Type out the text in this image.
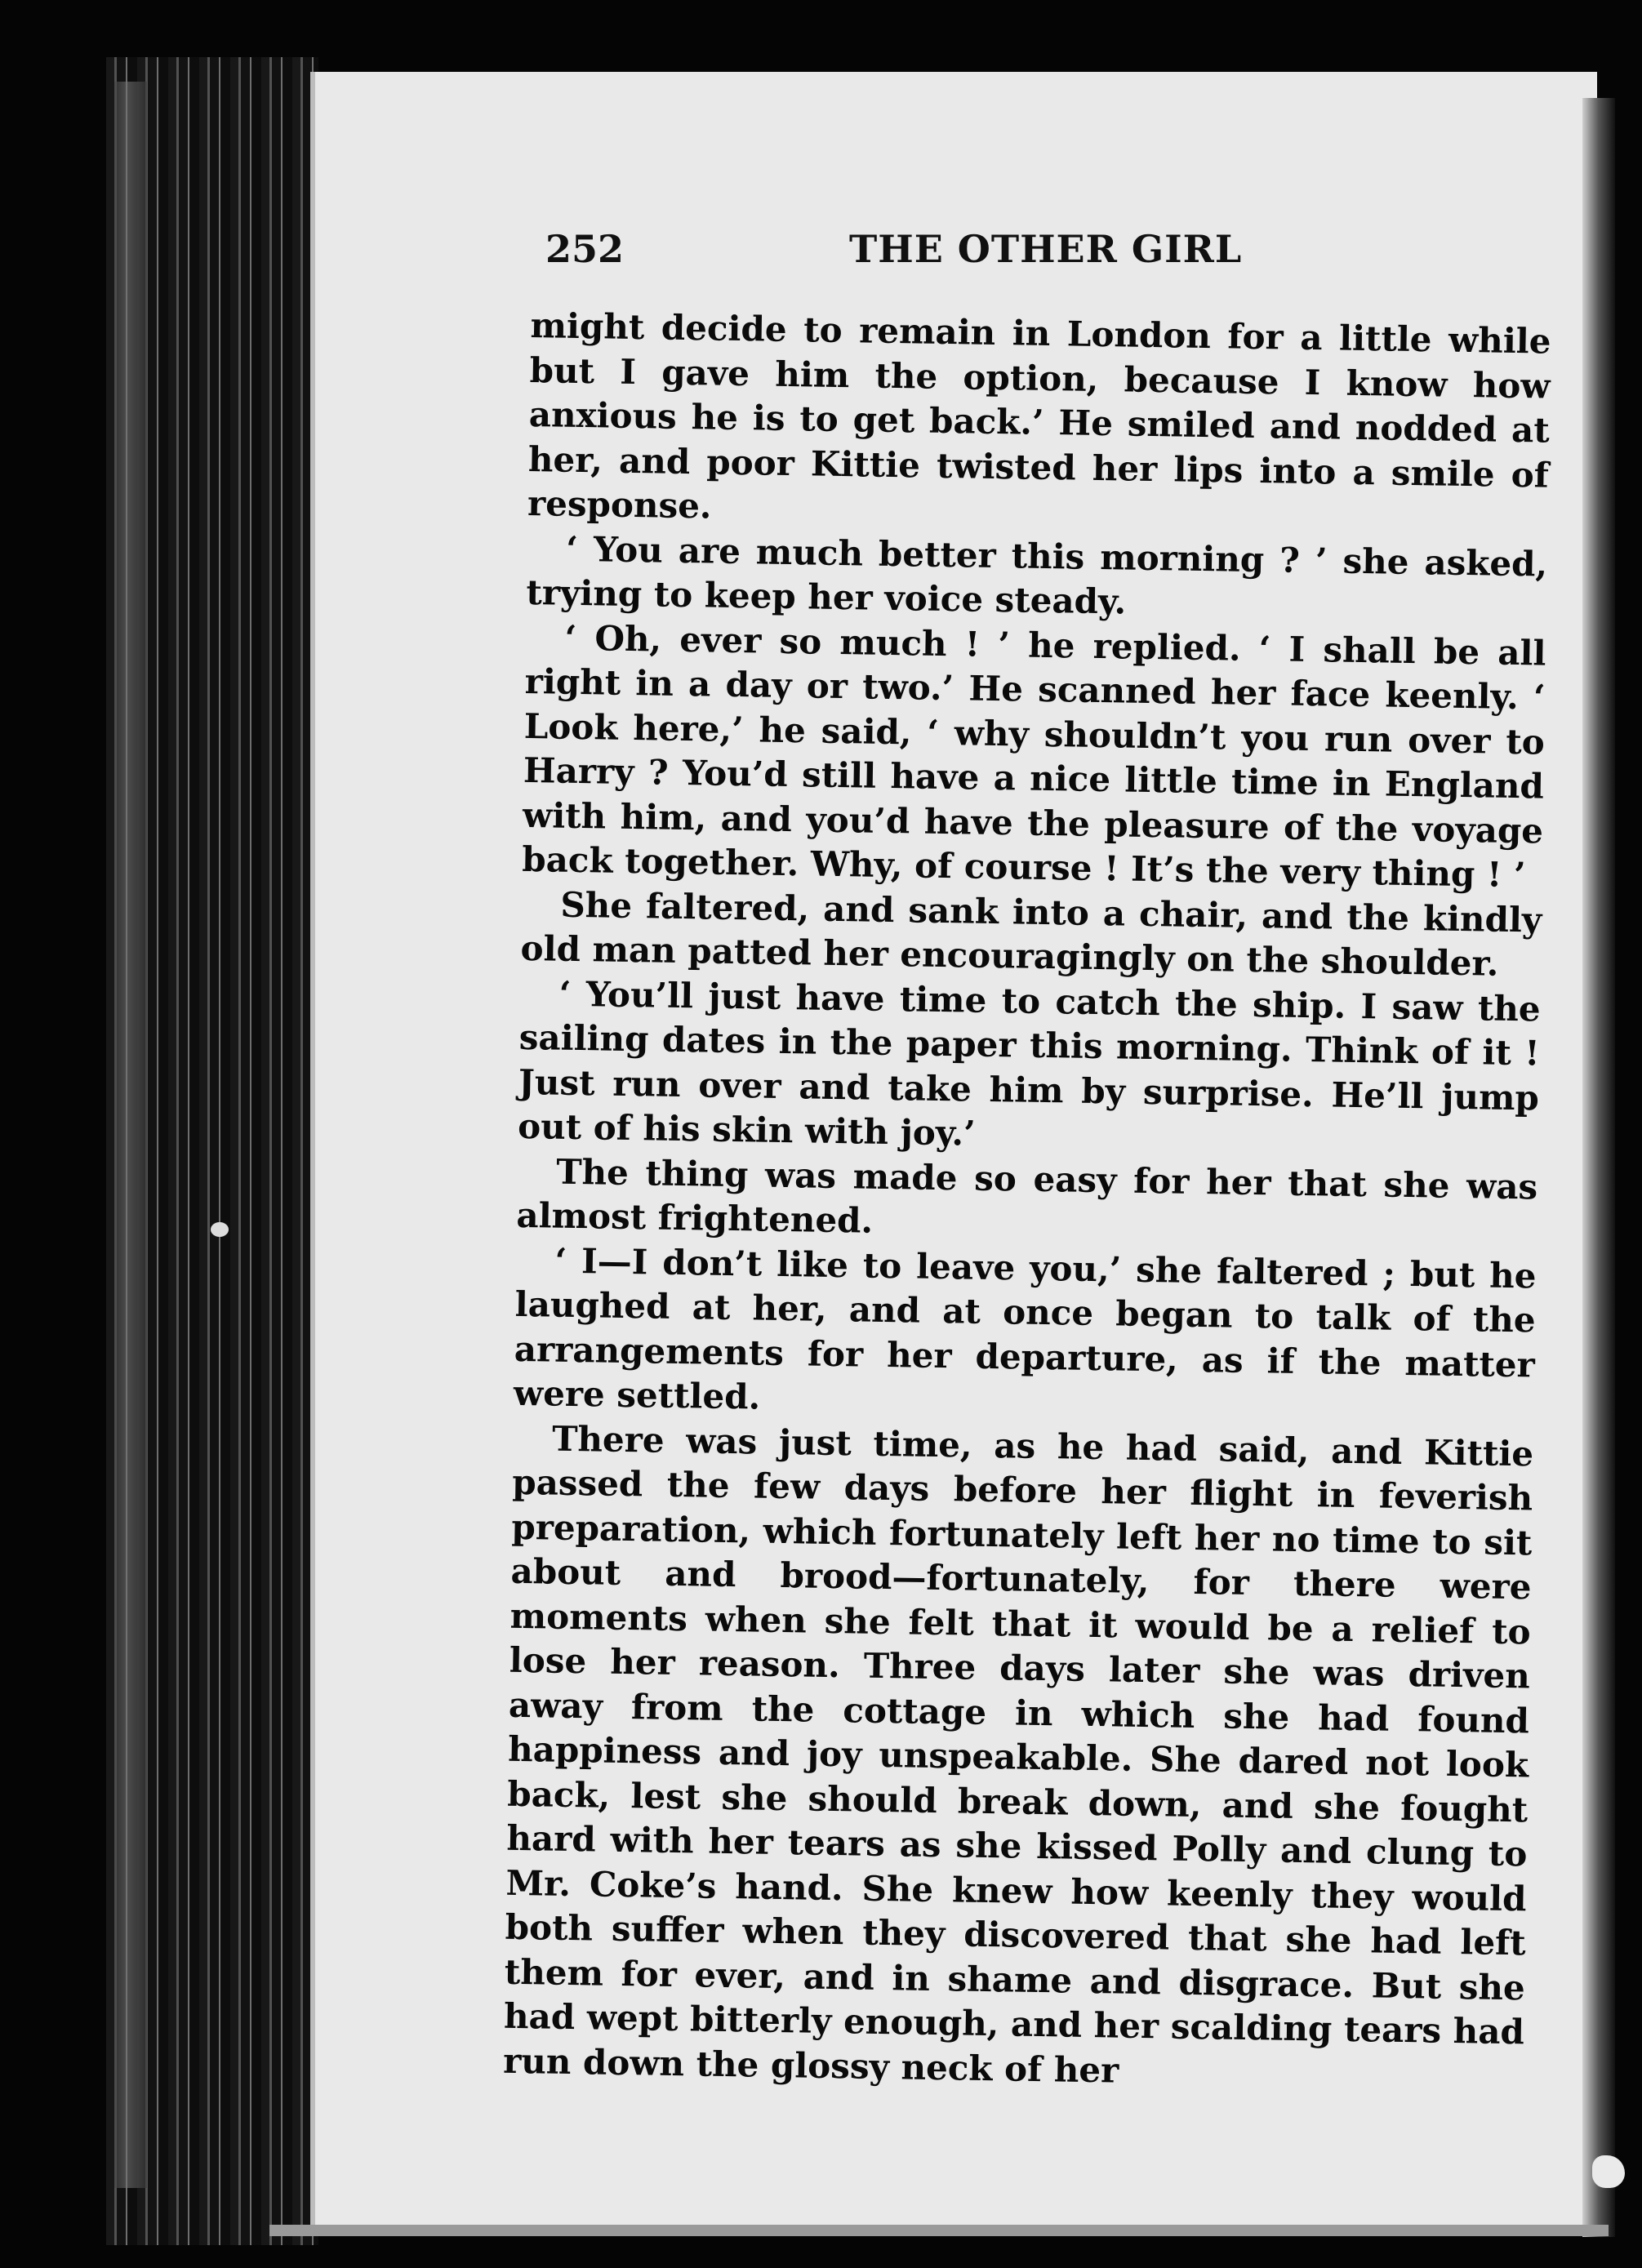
252	THE OTHER GIRL

might decide to remain in London for a little while but I gave him the option, because I know how anxious he is to get back.’ He smiled and nodded at her, and poor Kittie twisted her lips into a smile of response.

‘ You are much better this morning ? ’ she asked, trying to keep her voice steady.

‘ Oh, ever so much ! ’ he replied. ‘ I shall be all right in a day or two.’ He scanned her face keenly. ‘ Look here,’ he said, ‘ why shouldn’t you run over to Harry ? You’d still have a nice little time in England with him, and you’d have the pleasure of the voyage back together. Why, of course ! It’s the very thing ! ’

She faltered, and sank into a chair, and the kindly old man patted her encouragingly on the shoulder.

‘ You’ll just have time to catch the ship. I saw the sailing dates in the paper this morning. Think of it ! Just run over and take him by surprise. He’ll jump out of his skin with joy.’

The thing was made so easy for her that she was almost frightened.

‘ I—I don’t like to leave you,’ she faltered ; but he laughed at her, and at once began to talk of the arrangements for her departure, as if the matter were settled.

There was just time, as he had said, and Kittie passed the few days before her flight in feverish preparation, which fortunately left her no time to sit about and brood—fortunately, for there were moments when she felt that it would be a relief to lose her reason. Three days later she was driven away from the cottage in which she had found happiness and joy unspeakable. She dared not look back, lest she should break down, and she fought hard with her tears as she kissed Polly and clung to Mr. Coke’s hand. She knew how keenly they would both suffer when they discovered that she had left them for ever, and in shame and disgrace. But she had wept bitterly enough, and her scalding tears had run down the glossy neck of her
